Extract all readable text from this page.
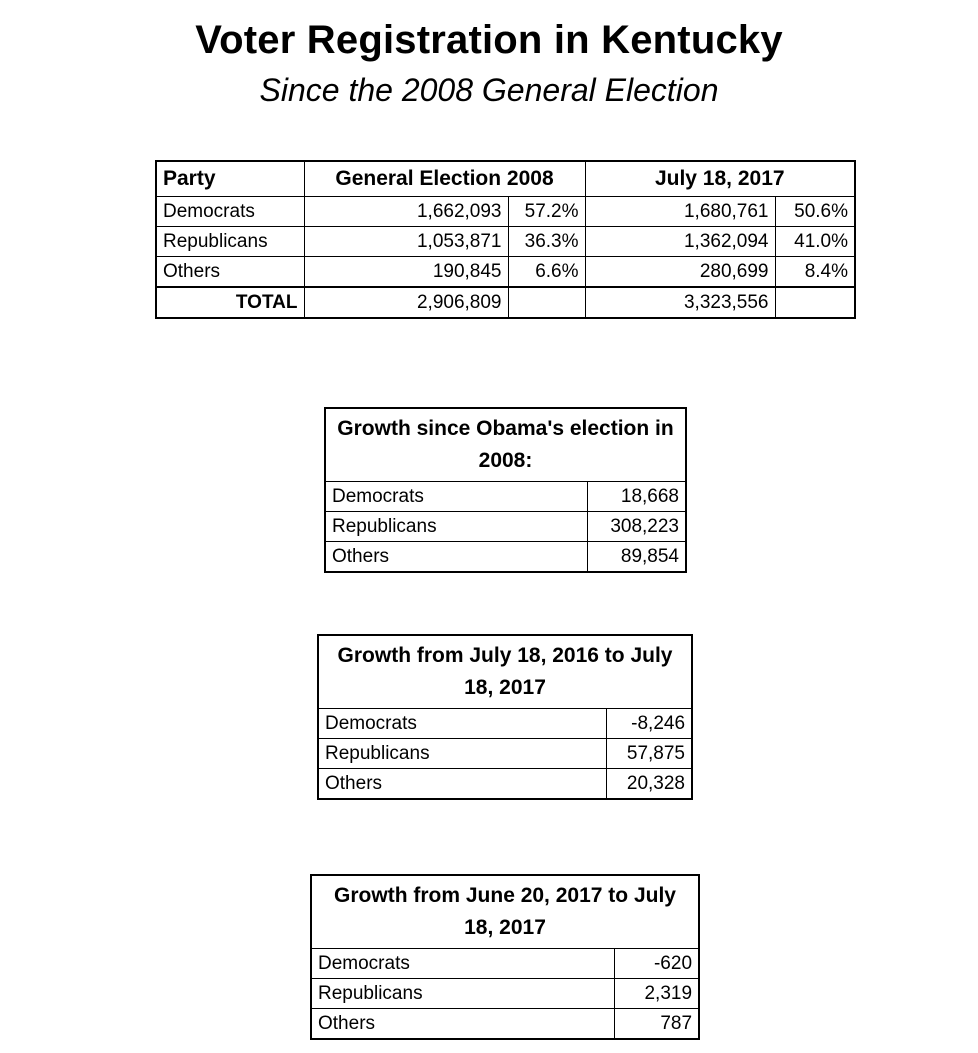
Voter Registration in Kentucky
Since the 2008 General Election
Party	General Election 2008		July 18, 2017	
Democrats	1,662,093	57.2%	1,680,761	50.6%
Republicans	1,053,871	36.3%	1,362,094	41.0%
Others	190,845	6.6%	280,699	8.4%
TOTAL	2,906,809		3,323,556	
Growth since Obama's election in 2008:	
Democrats	18,668
Republicans	308,223
Others	89,854
Growth from July 18, 2016 to July 18, 2017	
Democrats	-8,246
Republicans	57,875
Others	20,328
Growth from June 20, 2017 to July 18, 2017	
Democrats	-620
Republicans	2,319
Others	787
